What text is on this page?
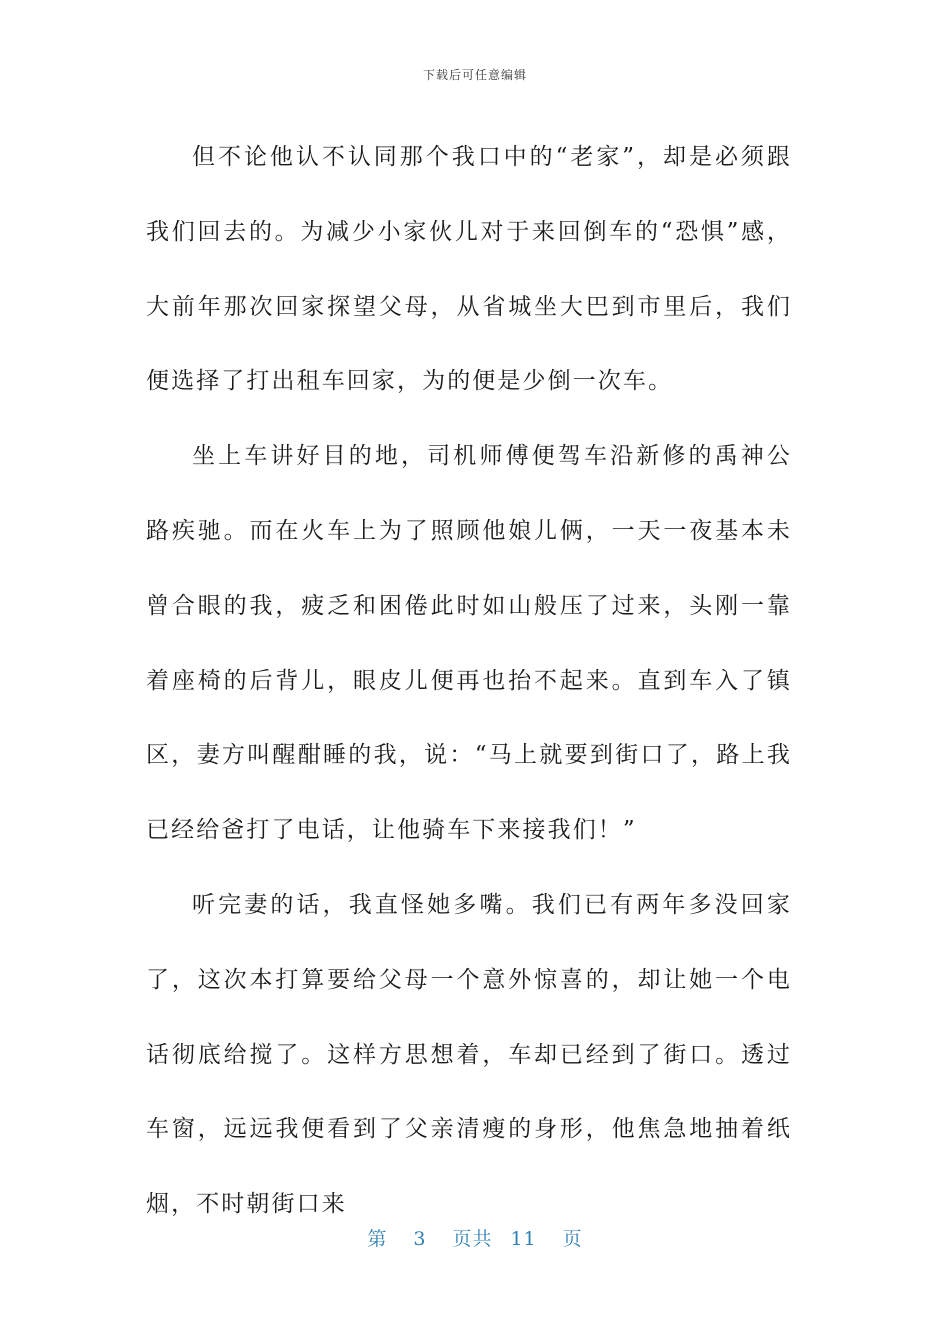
下载后可任意编辑

但不论他认不认同那个我口中的“老家”，却是必须跟我们回去的。为减少小家伙儿对于来回倒车的“恐惧”感，大前年那次回家探望父母，从省城坐大巴到市里后，我们便选择了打出租车回家，为的便是少倒一次车。

坐上车讲好目的地，司机师傅便驾车沿新修的禹神公路疾驰。而在火车上为了照顾他娘儿俩，一天一夜基本未曾合眼的我，疲乏和困倦此时如山般压了过来，头刚一靠着座椅的后背儿，眼皮儿便再也抬不起来。直到车入了镇区，妻方叫醒酣睡的我，说：“马上就要到街口了，路上我已经给爸打了电话，让他骑车下来接我们！”

听完妻的话，我直怪她多嘴。我们已有两年多没回家了，这次本打算要给父母一个意外惊喜的，却让她一个电话彻底给搅了。这样方思想着，车却已经到了街口。透过车窗，远远我便看到了父亲清瘦的身形，他焦急地抽着纸烟，不时朝街口来

第 3 页共 11 页
